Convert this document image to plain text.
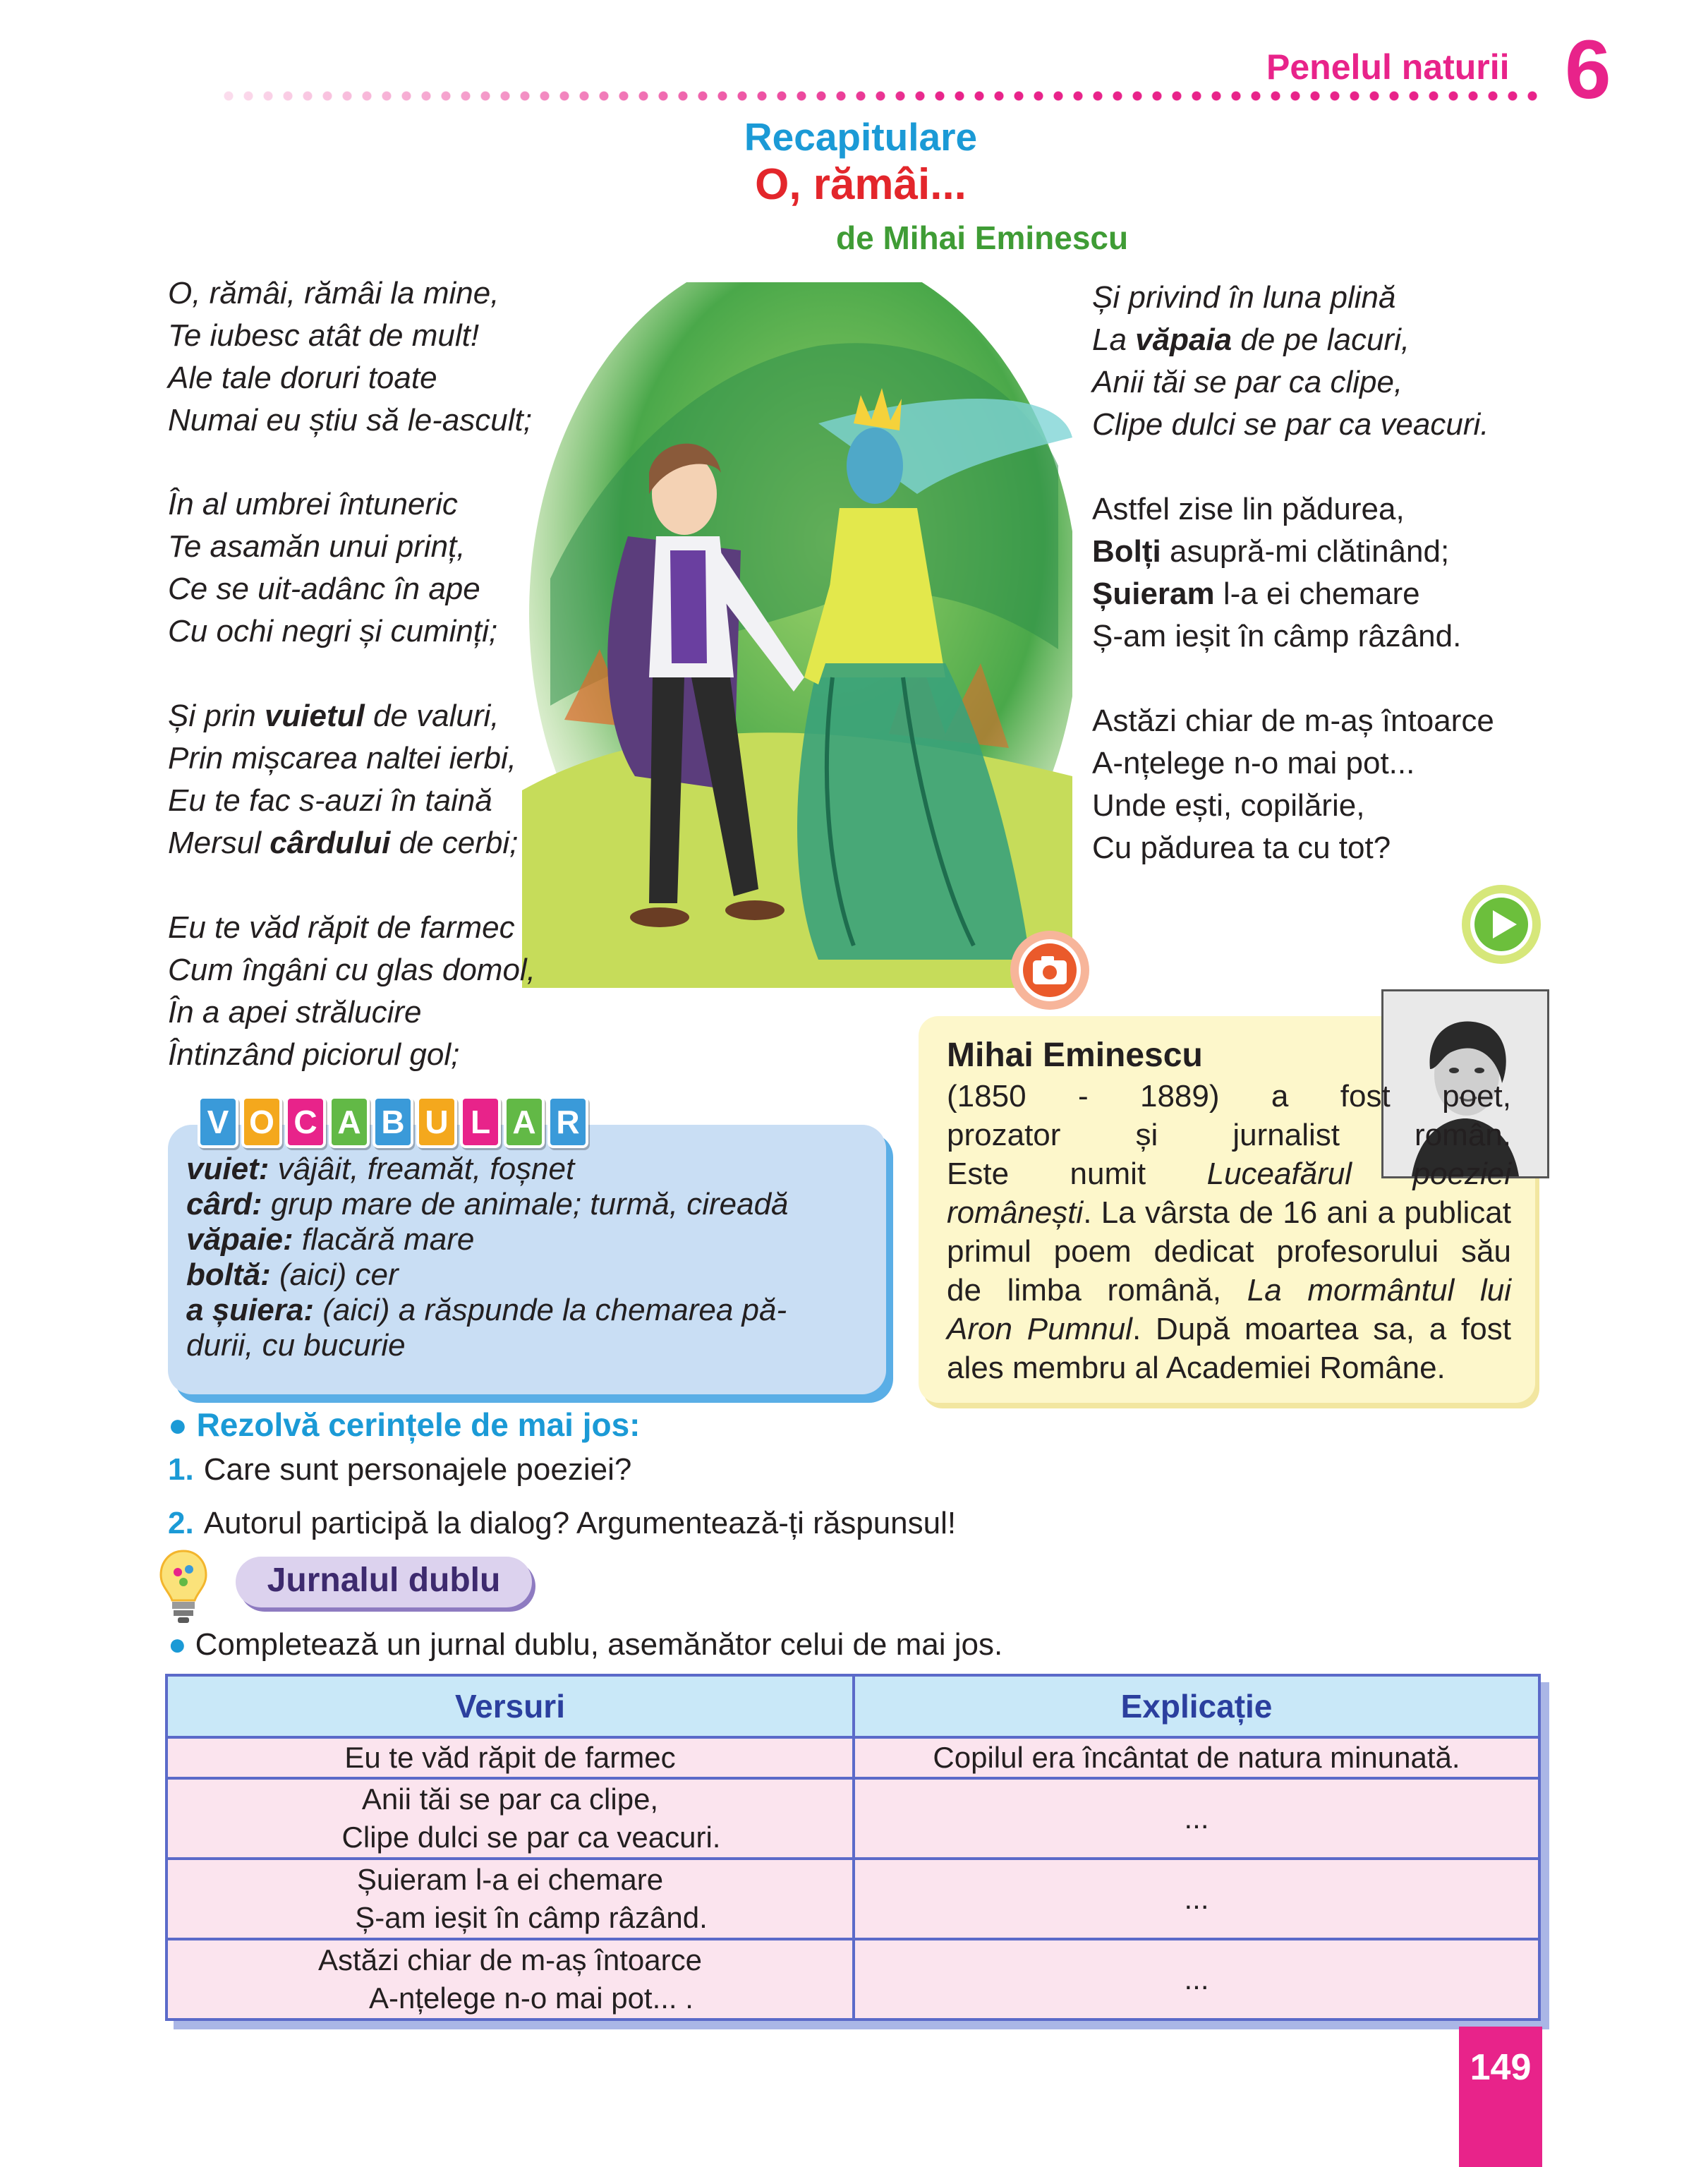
Penelul naturii 6
Recapitulare
O, rămâi...
de Mihai Eminescu
O, rămâi, rămâi la mine,
Te iubesc atât de mult!
Ale tale doruri toate
Numai eu știu să le-ascult;
În al umbrei întuneric
Te asamăn unui prinț,
Ce se uit-adânc în ape
Cu ochi negri și cuminți;
Și prin vuietul de valuri,
Prin mișcarea naltei ierbi,
Eu te fac s-auzi în taină
Mersul cârdului de cerbi;
Eu te văd răpit de farmec
Cum îngâni cu glas domol,
În a apei strălucire
Întinzând piciorul gol;
Și privind în luna plină
La văpaia de pe lacuri,
Anii tăi se par ca clipe,
Clipe dulci se par ca veacuri.
Astfel zise lin pădurea,
Bolți asupră-mi clătinând;
Șuieram l-a ei chemare
Ș-am ieșit în câmp râzând.
Astăzi chiar de m-aș întoarce
A-nțelege n-o mai pot...
Unde ești, copilărie,
Cu pădurea ta cu tot?
V O C A B U L A R
vuiet: vâjâit, freamăt, foșnet
cârd: grup mare de animale; turmă, cireadă
văpaie: flacără mare
boltă: (aici) cer
a șuiera: (aici) a răspunde la chemarea pă-
durii, cu bucurie
Mihai Eminescu
(1850 - 1889) a fost poet,
prozator și jurnalist român.
Este numit Luceafărul poeziei
românești. La vârsta de 16 ani a publicat
primul poem dedicat profesorului său
de limba română, La mormântul lui
Aron Pumnul. După moartea sa, a fost
ales membru al Academiei Române.
● Rezolvă cerințele de mai jos:
1. Care sunt personajele poeziei?
2. Autorul participă la dialog? Argumentează-ți răspunsul!
Jurnalul dublu
● Completează un jurnal dublu, asemănător celui de mai jos.
Versuri	Explicație

Eu te văd răpit de farmec	Copilul era încântat de natura minunată.

Anii tăi se par ca clipe,
Clipe dulci se par ca veacuri.	...

Șuieram l-a ei chemare
Ș-am ieșit în câmp râzând.	...

Astăzi chiar de m-aș întoarce
A-nțelege n-o mai pot... .	...
149
